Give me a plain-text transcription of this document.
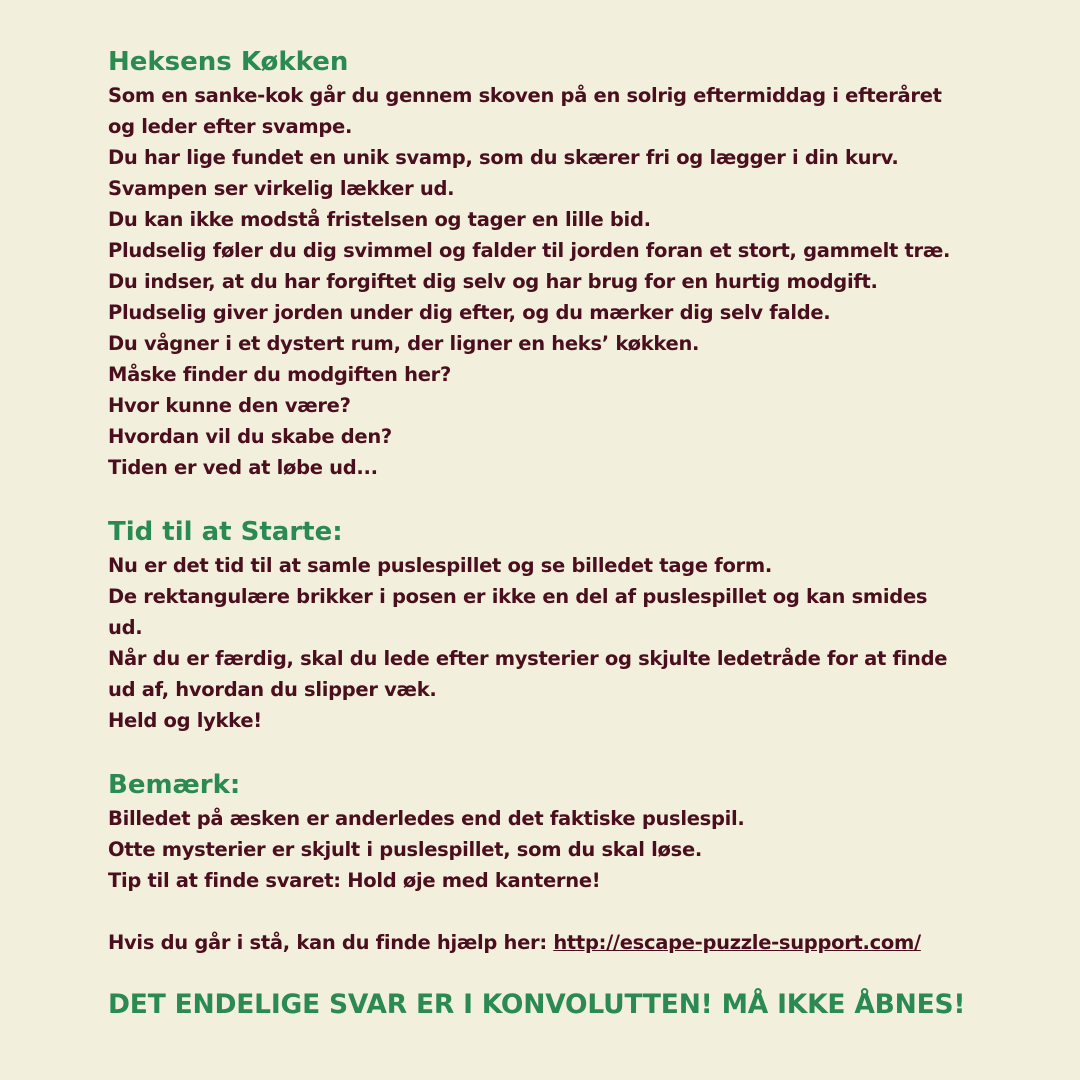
Heksens Køkken

Som en sanke-kok går du gennem skoven på en solrig eftermiddag i efteråret

og leder efter svampe.

Du har lige fundet en unik svamp, som du skærer fri og lægger i din kurv.

Svampen ser virkelig lækker ud.

Du kan ikke modstå fristelsen og tager en lille bid.

Pludselig føler du dig svimmel og falder til jorden foran et stort, gammelt træ.

Du indser, at du har forgiftet dig selv og har brug for en hurtig modgift.

Pludselig giver jorden under dig efter, og du mærker dig selv falde.

Du vågner i et dystert rum, der ligner en heks’ køkken.

Måske finder du modgiften her?

Hvor kunne den være?

Hvordan vil du skabe den?

Tiden er ved at løbe ud...

Tid til at Starte:

Nu er det tid til at samle puslespillet og se billedet tage form.

De rektangulære brikker i posen er ikke en del af puslespillet og kan smides

ud.

Når du er færdig, skal du lede efter mysterier og skjulte ledetråde for at finde

ud af, hvordan du slipper væk.

Held og lykke!

Bemærk:

Billedet på æsken er anderledes end det faktiske puslespil.

Otte mysterier er skjult i puslespillet, som du skal løse.

Tip til at finde svaret: Hold øje med kanterne!

Hvis du går i stå, kan du finde hjælp her: http://escape-puzzle-support.com/

DET ENDELIGE SVAR ER I KONVOLUTTEN! MÅ IKKE ÅBNES!
